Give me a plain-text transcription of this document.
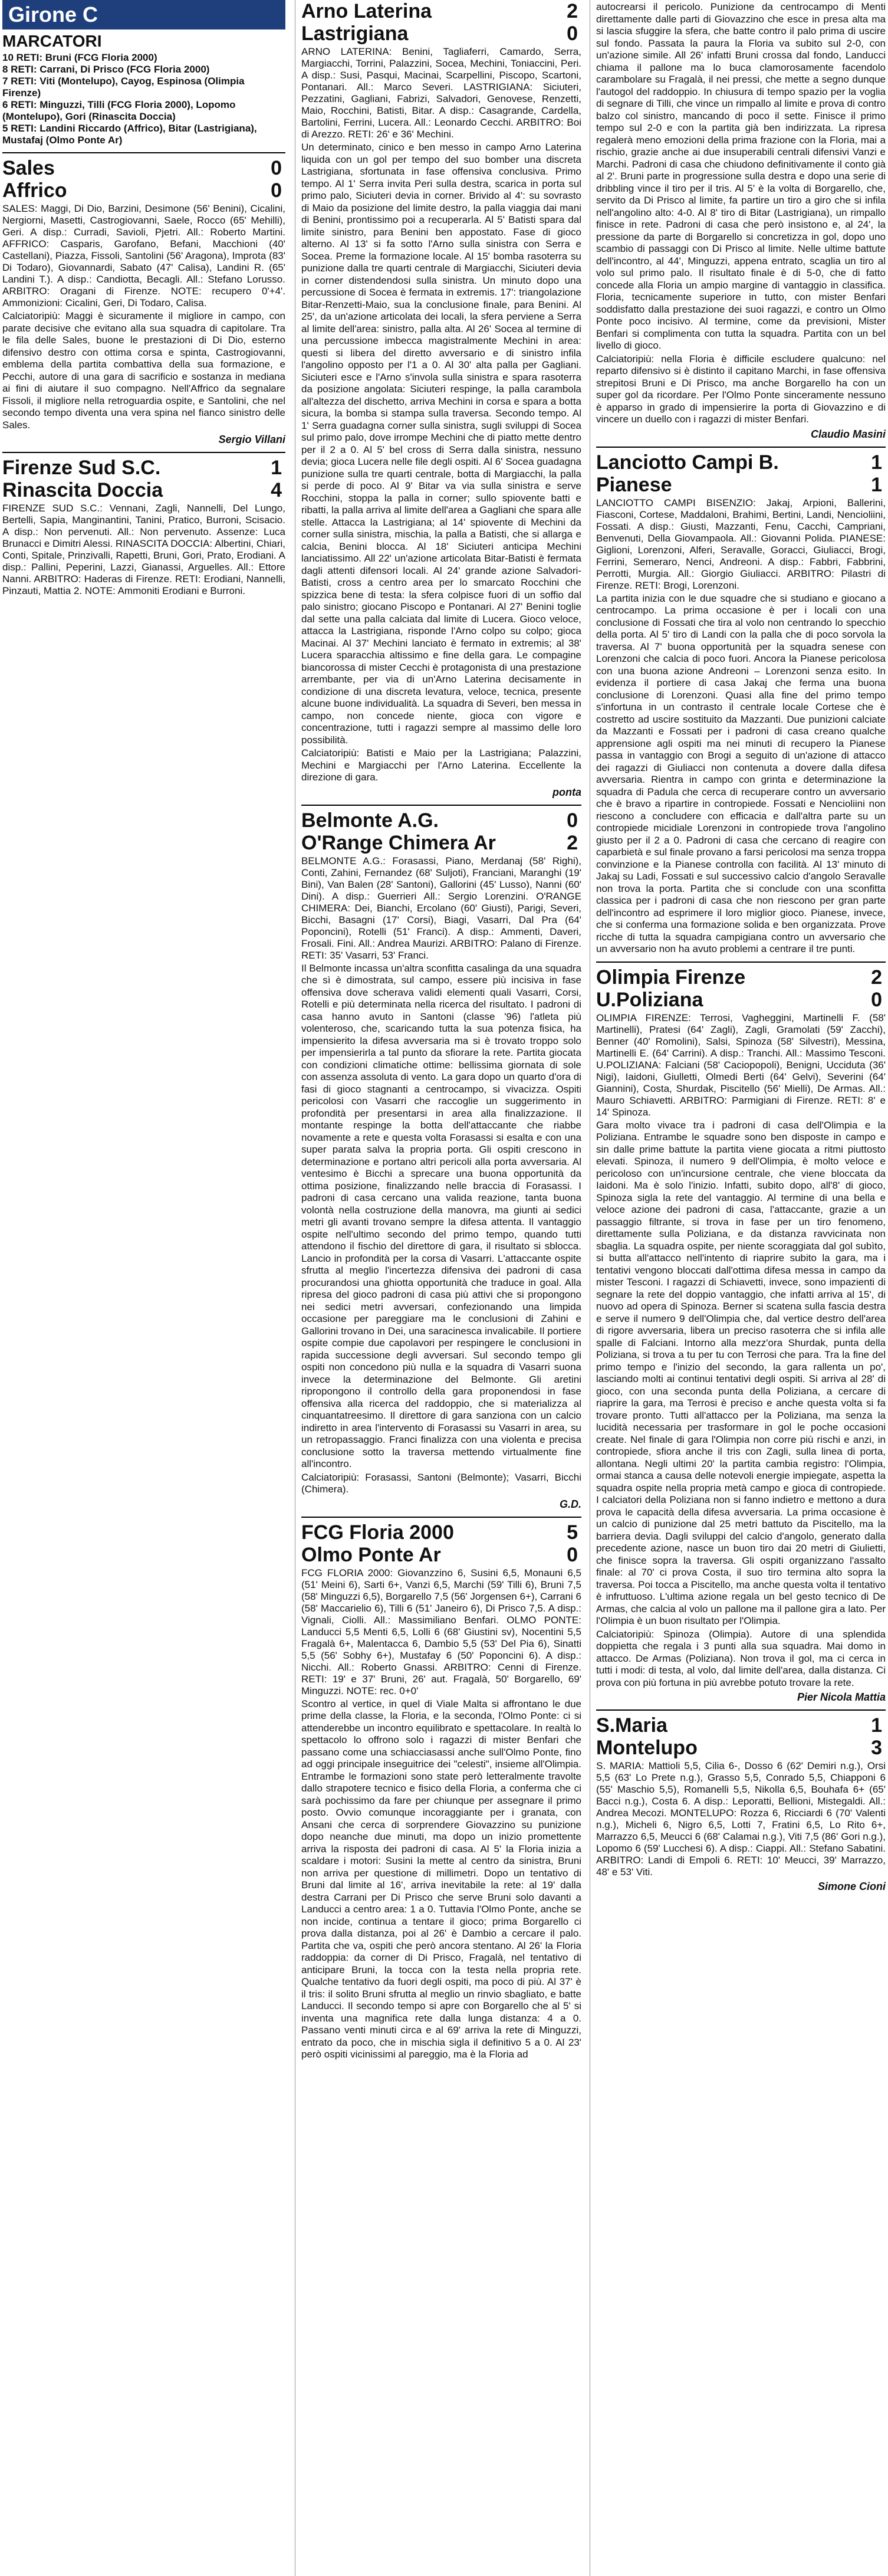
Girone C
MARCATORI
10 RETI: Bruni (FCG Floria 2000)
8 RETI: Carrani, Di Prisco (FCG Floria 2000)
7 RETI: Viti (Montelupo), Cayog, Espinosa (Olimpia Firenze)
6 RETI: Minguzzi, Tilli (FCG Floria 2000), Lopomo (Montelupo), Gori (Rinascita Doccia)
5 RETI: Landini Riccardo (Affrico), Bitar (Lastrigiana), Mustafaj (Olmo Ponte Ar)
Sales	0
Affrico	0
SALES: Maggi, Di Dio, Barzini, Desimone (56' Benini), Cicalini, Nergiorni, Masetti, Castrogiovanni, Saele, Rocco (65' Mehilli), Geri. A disp.: Curradi, Savioli, Pjetri. All.: Roberto Martini. AFFRICO: Casparis, Garofano, Befani, Macchioni (40' Castellani), Piazza, Fissoli, Santolini (56' Aragona), Improta (83' Di Todaro), Giovannardi, Sabato (47' Calisa), Landini R. (65' Landini T.). A disp.: Candiotta, Becagli. All.: Stefano Lorusso. ARBITRO: Oragani di Firenze. NOTE: recupero 0'+4'. Ammonizioni: Cicalini, Geri, Di Todaro, Calisa.
Calciatoripiù: Maggi è sicuramente il migliore in campo, con parate decisive che evitano alla sua squadra di capitolare. Tra le fila delle Sales, buone le prestazioni di Di Dio, esterno difensivo destro con ottima corsa e spinta, Castrogiovanni, emblema della partita combattiva della sua formazione, e Pecchi, autore di una gara di sacrificio e sostanza in mediana ai fini di aiutare il suo compagno. Nell'Affrico da segnalare Fissoli, il migliore nella retroguardia ospite, e Santolini, che nel secondo tempo diventa una vera spina nel fianco sinistro delle Sales.
Sergio Villani
Firenze Sud S.C.	1
Rinascita Doccia	4
FIRENZE SUD S.C.: Vennani, Zagli, Nannelli, Del Lungo, Bertelli, Sapia, Manginantini, Tanini, Pratico, Burroni, Scisacio. A disp.: Non pervenuti. All.: Non pervenuto. Assenze: Luca Brunacci e Dimitri Alessi. RINASCITA DOCCIA: Albertini, Chiari, Conti, Spitale, Prinzivalli, Rapetti, Bruni, Gori, Prato, Erodiani. A disp.: Pallini, Peperini, Lazzi, Gianassi, Arguelles. All.: Ettore Nanni. ARBITRO: Haderas di Firenze. RETI: Erodiani, Nannelli, Pinzauti, Mattia 2. NOTE: Ammoniti Erodiani e Burroni.
Arno Laterina	2
Lastrigiana	0
ARNO LATERINA: Benini, Tagliaferri, Camardo, Serra, Margiacchi, Torrini, Palazzini, Socea, Mechini, Toniaccini, Peri. A disp.: Susi, Pasqui, Macinai, Scarpellini, Piscopo, Scartoni, Pontanari. All.: Marco Severi. LASTRIGIANA: Siciuteri, Pezzatini, Gagliani, Fabrizi, Salvadori, Genovese, Renzetti, Maio, Rocchini, Batisti, Bitar. A disp.: Casagrande, Cardella, Bartolini, Ferrini, Lucera. All.: Leonardo Cecchi. ARBITRO: Boi di Arezzo. RETI: 26' e 36' Mechini.
Un determinato, cinico e ben messo in campo Arno Laterina liquida con un gol per tempo del suo bomber una discreta Lastrigiana, sfortunata in fase offensiva conclusiva. Primo tempo. Al 1' Serra invita Peri sulla destra, scarica in porta sul primo palo, Siciuteri devia in corner. Brivido al 4': su sovrasto di Maio da posizione del limite destro, la palla viaggia dai mani di Benini, prontissimo poi a recuperarla. Al 5' Batisti spara dal limite sinistro, para Benini ben appostato. Fase di gioco alterno. Al 13' si fa sotto l'Arno sulla sinistra con Serra e Socea. Preme la formazione locale. Al 15' bomba rasoterra su punizione dalla tre quarti centrale di Margiacchi, Siciuteri devia in corner distendendosi sulla sinistra. Un minuto dopo una percussione di Socea è fermata in extremis. 17': triangolazione Bitar-Renzetti-Maio, sua la conclusione finale, para Benini. Al 25', da un'azione articolata dei locali, la sfera perviene a Serra al limite dell'area: sinistro, palla alta. Al 26' Socea al termine di una percussione imbecca magistralmente Mechini in area: questi si libera del diretto avversario e di sinistro infila l'angolino opposto per l'1 a 0. Al 30' alta palla per Gagliani. Siciuteri esce e l'Arno s'invola sulla sinistra e spara rasoterra da posizione angolata: Siciuteri respinge, la palla carambola all'altezza del dischetto, arriva Mechini in corsa e spara a botta sicura, la bomba si stampa sulla traversa. Secondo tempo. Al 1' Serra guadagna corner sulla sinistra, sugli sviluppi di Socea sul primo palo, dove irrompe Mechini che di piatto mette dentro per il 2 a 0. Al 5' bel cross di Serra dalla sinistra, nessuno devia; gioca Lucera nelle file degli ospiti. Al 6' Socea guadagna punizione sulla tre quarti centrale, botta di Margiacchi, la palla si perde di poco. Al 9' Bitar va via sulla sinistra e serve Rocchini, stoppa la palla in corner; sullo spiovente batti e ribatti, la palla arriva al limite dell'area a Gagliani che spara alle stelle. Attacca la Lastrigiana; al 14' spiovente di Mechini da corner sulla sinistra, mischia, la palla a Batisti, che si allarga e calcia, Benini blocca. Al 18' Siciuteri anticipa Mechini lanciatissimo. All 22' un'azione articolata Bitar-Batisti è fermata dagli attenti difensori locali. Al 24' grande azione Salvadori-Batisti, cross a centro area per lo smarcato Rocchini che spizzica bene di testa: la sfera colpisce fuori di un soffio dal palo sinistro; giocano Piscopo e Pontanari. Al 27' Benini toglie dal sette una palla calciata dal limite di Lucera. Gioco veloce, attacca la Lastrigiana, risponde l'Arno colpo su colpo; gioca Macinai. Al 37' Mechini lanciato è fermato in extremis; al 38' Lucera sparacchia altissimo e fine della gara. Le compagine biancorossa di mister Cecchi è protagonista di una prestazione arrembante, per via di un'Arno Laterina decisamente in condizione di una discreta levatura, veloce, tecnica, presente alcune buone individualità. La squadra di Severi, ben messa in campo, non concede niente, gioca con vigore e concentrazione, tutti i ragazzi sempre al massimo delle loro possibilità.
Calciatoripiù: Batisti e Maio per la Lastrigiana; Palazzini, Mechini e Margiacchi per l'Arno Laterina. Eccellente la direzione di gara.
ponta
Belmonte A.G.	0
O'Range Chimera Ar	2
BELMONTE A.G.: Forasassi, Piano, Merdanaj (58' Righi), Conti, Zahini, Fernandez (68' Suljoti), Franciani, Maranghi (19' Bini), Van Balen (28' Santoni), Gallorini (45' Lusso), Nanni (60' Dini). A disp.: Guerrieri All.: Sergio Lorenzini. O'RANGE CHIMERA: Dei, Bianchi, Ercolano (60' Giusti), Parigi, Severi, Bicchi, Basagni (17' Corsi), Biagi, Vasarri, Dal Pra (64' Poponcini), Rotelli (51' Franci). A disp.: Ammenti, Daveri, Frosali. Fini. All.: Andrea Maurizi. ARBITRO: Palano di Firenze. RETI: 35' Vasarri, 53' Franci.
Il Belmonte incassa un'altra sconfitta casalinga da una squadra che sì è dimostrata, sul campo, essere più incisiva in fase offensiva dove scherava validi elementi quali Vasarri, Corsi, Rotelli e più determinata nella ricerca del risultato. I padroni di casa hanno avuto in Santoni (classe '96) l'atleta più volenteroso, che, scaricando tutta la sua potenza fisica, ha impensierito la difesa avversaria ma si è trovato troppo solo per impensierirla a tal punto da sfiorare la rete. Partita giocata con condizioni climatiche ottime: bellissima giornata di sole con assenza assoluta di vento. La gara dopo un quarto d'ora di fasi di gioco stagnanti a centrocampo, si vivacizza. Ospiti pericolosi con Vasarri che raccoglie un suggerimento in profondità per presentarsi in area alla finalizzazione. Il montante respinge la botta dell'attaccante che riabbe novamente a rete e questa volta Forasassi si esalta e con una super parata salva la propria porta. Gli ospiti crescono in determinazione e portano altri pericoli alla porta avversaria. Al ventesimo è Bicchi a sprecare una buona opportunità da ottima posizione, finalizzando nelle braccia di Forasassi. I padroni di casa cercano una valida reazione, tanta buona volontà nella costruzione della manovra, ma giunti ai sedici metri gli avanti trovano sempre la difesa attenta. Il vantaggio ospite nell'ultimo secondo del primo tempo, quando tutti attendono il fischio del direttore di gara, il risultato si sblocca. Lancio in profondità per la corsa di Vasarri. L'attaccante ospite sfrutta al meglio l'incertezza difensiva dei padroni di casa procurandosi una ghiotta opportunità che traduce in goal. Alla ripresa del gioco padroni di casa più attivi che si propongono nei sedici metri avversari, confezionando una limpida occasione per pareggiare ma le conclusioni di Zahini e Gallorini trovano in Dei, una saracinesca invalicabile. Il portiere ospite compie due capolavori per respingere le conclusioni in rapida successione degli avversari. Sul secondo tempo gli ospiti non concedono più nulla e la squadra di Vasarri suona invece la determinazione del Belmonte. Gli aretini ripropongono il controllo della gara proponendosi in fase offensiva alla ricerca del raddoppio, che si materializza al cinquantatreesimo. Il direttore di gara sanziona con un calcio indiretto in area l'intervento di Forasassi su Vasarri in area, su un retropassaggio. Franci finalizza con una violenta e precisa conclusione sotto la traversa mettendo virtualmente fine all'incontro.
Calciatoripiù: Forasassi, Santoni (Belmonte); Vasarri, Bicchi (Chimera).
G.D.
FCG Floria 2000	5
Olmo Ponte Ar	0
FCG FLORIA 2000: Giovanzzino 6, Susini 6,5, Monauni 6,5 (51' Meini 6), Sarti 6+, Vanzi 6,5, Marchi (59' Tilli 6), Bruni 7,5 (58' Minguzzi 6,5), Borgarello 7,5 (56' Jorgensen 6+), Carrani 6 (58' Maccarielio 6), Tilli 6 (51' Janeiro 6), Di Prisco 7,5. A disp.: Vignali, Ciolli. All.: Massimiliano Benfari. OLMO PONTE: Landucci 5,5 Menti 6,5, Lolli 6 (68' Giustini sv), Nocentini 5,5 Fragalà 6+, Malentacca 6, Dambio 5,5 (53' Del Pia 6), Sinatti 5,5 (56' Sobhy 6+), Mustafay 6 (50' Poponcini 6). A disp.: Nicchi. All.: Roberto Gnassi. ARBITRO: Cenni di Firenze. RETI: 19' e 37' Bruni, 26' aut. Fragalà, 50' Borgarello, 69' Minguzzi. NOTE: rec. 0+0'
Scontro al vertice, in quel di Viale Malta si affrontano le due prime della classe, la Floria, e la seconda, l'Olmo Ponte: ci si attenderebbe un incontro equilibrato e spettacolare. In realtà lo spettacolo lo offrono solo i ragazzi di mister Benfari che passano come una schiacciasassi anche sull'Olmo Ponte, fino ad oggi principale inseguitrice dei "celesti", insieme all'Olimpia. Entrambe le formazioni sono state però letteralmente travolte dallo strapotere tecnico e fisico della Floria, a conferma che ci sarà pochissimo da fare per chiunque per assegnare il primo posto. Ovvio comunque incoraggiante per i granata, con Ansani che cerca di sorprendere Giovazzino su punizione dopo neanche due minuti, ma dopo un inizio promettente arriva la risposta dei padroni di casa. Al 5' la Floria inizia a scaldare i motori: Susini la mette al centro da sinistra, Bruni non arriva per questione di millimetri. Dopo un tentativo di Bruni dal limite al 16', arriva inevitabile la rete: al 19' dalla destra Carrani per Di Prisco che serve Bruni solo davanti a Landucci a centro area: 1 a 0. Tuttavia l'Olmo Ponte, anche se non incide, continua a tentare il gioco; prima Borgarello ci prova dalla distanza, poi al 26' è Dambio a cercare il palo. Partita che va, ospiti che però ancora stentano. Al 26' la Floria raddoppia: da corner di Di Prisco, Fragalà, nel tentativo di anticipare Bruni, la tocca con la testa nella propria rete. Qualche tentativo da fuori degli ospiti, ma poco di più. Al 37' è il tris: il solito Bruni sfrutta al meglio un rinvio sbagliato, e batte Landucci. Il secondo tempo si apre con Borgarello che al 5' si inventa una magnifica rete dalla lunga distanza: 4 a 0. Passano venti minuti circa e al 69' arriva la rete di Minguzzi, entrato da poco, che in mischia sigla il definitivo 5 a 0. Al 23' però ospiti vicinissimi al pareggio, ma è la Floria ad
autocrearsi il pericolo. Punizione da centrocampo di Menti direttamente dalle parti di Giovazzino che esce in presa alta ma si lascia sfuggire la sfera, che batte contro il palo prima di uscire sul fondo. Passata la paura la Floria va subito sul 2-0, con un'azione simile. All 26' infatti Bruni crossa dal fondo, Landucci chiama il pallone ma lo buca clamorosamente facendolo carambolare su Fragalà, il nei pressi, che mette a segno dunque l'autogol del raddoppio. In chiusura di tempo spazio per la voglia di segnare di Tilli, che vince un rimpallo al limite e prova di contro balzo col sinistro, mancando di poco il sette. Finisce il primo tempo sul 2-0 e con la partita già ben indirizzata. La ripresa regalerà meno emozioni della prima frazione con la Floria, mai a rischio, grazie anche ai due insuperabili centrali difensivi Vanzi e Marchi. Padroni di casa che chiudono definitivamente il conto già al 2'. Bruni parte in progressione sulla destra e dopo una serie di dribbling vince il tiro per il tris. Al 5' è la volta di Borgarello, che, servito da Di Prisco al limite, fa partire un tiro a giro che si infila nell'angolino alto: 4-0. Al 8' tiro di Bitar (Lastrigiana), un rimpallo finisce in rete. Padroni di casa che però insistono e, al 24', la pressione da parte di Borgarello si concretizza in gol, dopo uno scambio di passaggi con Di Prisco al limite. Nelle ultime battute dell'incontro, al 44', Minguzzi, appena entrato, scaglia un tiro al volo sul primo palo. Il risultato finale è di 5-0, che di fatto concede alla Floria un ampio margine di vantaggio in classifica. Floria, tecnicamente superiore in tutto, con mister Benfari soddisfatto dalla prestazione dei suoi ragazzi, e contro un Olmo Ponte poco incisivo. Al termine, come da previsioni, Mister Benfari si complimenta con tutta la squadra. Partita con un bel livello di gioco.
Calciatoripiù: nella Floria è difficile escludere qualcuno: nel reparto difensivo si è distinto il capitano Marchi, in fase offensiva strepitosi Bruni e Di Prisco, ma anche Borgarello ha con un super gol da ricordare. Per l'Olmo Ponte sinceramente nessuno è apparso in grado di impensierire la porta di Giovazzino e di vincere un duello con i ragazzi di mister Benfari.
Claudio Masini
Lanciotto Campi B.	1
Pianese	1
LANCIOTTO CAMPI BISENZIO: Jakaj, Arpioni, Ballerini, Fiasconi, Cortese, Maddaloni, Brahimi, Bertini, Landi, Nencioliini, Fossati. A disp.: Giusti, Mazzanti, Fenu, Cacchi, Campriani, Benvenuti, Della Giovampaola. All.: Giovanni Polida. PIANESE: Giglioni, Lorenzoni, Alferi, Seravalle, Goracci, Giuliacci, Brogi, Ferrini, Semeraro, Nenci, Andreoni. A disp.: Fabbri, Fabbrini, Perrotti, Murgia. All.: Giorgio Giuliacci. ARBITRO: Pilastri di Firenze. RETI: Brogi, Lorenzoni.
La partita inizia con le due squadre che si studiano e giocano a centrocampo. La prima occasione è per i locali con una conclusione di Fossati che tira al volo non centrando lo specchio della porta. Al 5' tiro di Landi con la palla che di poco sorvola la traversa. Al 7' buona opportunità per la squadra senese con Lorenzoni che calcia di poco fuori. Ancora la Pianese pericolosa con una buona azione Andreoni – Lorenzoni senza esito. In evidenza il portiere di casa Jakaj che ferma una buona conclusione di Lorenzoni. Quasi alla fine del primo tempo s'infortuna in un contrasto il centrale locale Cortese che è costretto ad uscire sostituito da Mazzanti. Due punizioni calciate da Mazzanti e Fossati per i padroni di casa creano qualche apprensione agli ospiti ma nei minuti di recupero la Pianese passa in vantaggio con Brogi a seguito di un'azione di attacco dei ragazzi di Giuliacci non contenuta a dovere dalla difesa avversaria. Rientra in campo con grinta e determinazione la squadra di Padula che cerca di recuperare contro un avversario che è bravo a ripartire in contropiede. Fossati e Nencioliini non riescono a concludere con efficacia e dall'altra parte su un contropiede micidiale Lorenzoni in contropiede trova l'angolino giusto per il 2 a 0. Padroni di casa che cercano di reagire con caparbietà e sul finale provano a farsi pericolosi ma senza troppa convinzione e la Pianese controlla con facilità. Al 13' minuto di Jakaj su Ladi, Fossati e sul successivo calcio d'angolo Seravalle non trova la porta. Partita che si conclude con una sconfitta classica per i padroni di casa che non riescono per gran parte dell'incontro ad esprimere il loro miglior gioco. Pianese, invece, che si conferma una formazione solida e ben organizzata. Prove ricche di tutta la squadra campigiana contro un avversario che un avversario non ha avuto problemi a centrare il tre punti.
Olimpia Firenze	2
U.Poliziana	0
OLIMPIA FIRENZE: Terrosi, Vagheggini, Martinelli F. (58' Martinelli), Pratesi (64' Zagli), Zagli, Gramolati (59' Zacchi), Benner (40' Romolini), Salsi, Spinoza (58' Silvestri), Messina, Martinelli E. (64' Carrini). A disp.: Tranchi. All.: Massimo Tesconi. U.POLIZIANA: Falciani (58' Caciopopoli), Benigni, Ucciduta (36' Nigi), Iaidoni, Giulletti, Olmedi Berti (64' Gelvi), Severini (64' Giannini), Costa, Shurdak, Piscitello (56' Mielli), De Armas. All.: Mauro Schiavetti. ARBITRO: Parmigiani di Firenze. RETI: 8' e 14' Spinoza.
Gara molto vivace tra i padroni di casa dell'Olimpia e la Poliziana. Entrambe le squadre sono ben disposte in campo e sin dalle prime battute la partita viene giocata a ritmi piuttosto elevati. Spinoza, il numero 9 dell'Olimpia, è molto veloce e pericoloso con un'incursione centrale, che viene bloccata da Iaidoni. Ma è solo l'inizio. Infatti, subito dopo, all'8' di gioco, Spinoza sigla la rete del vantaggio. Al termine di una bella e veloce azione dei padroni di casa, l'attaccante, grazie a un passaggio filtrante, si trova in fase per un tiro fenomeno, direttamente sulla Poliziana, e da distanza ravvicinata non sbaglia. La squadra ospite, per niente scoraggiata dal gol subìto, si butta all'attacco nell'intento di riaprire subito la gara, ma i tentativi vengono bloccati dall'ottima difesa messa in campo da mister Tesconi. I ragazzi di Schiavetti, invece, sono impazienti di segnare la rete del doppio vantaggio, che infatti arriva al 15', di nuovo ad opera di Spinoza. Berner si scatena sulla fascia destra e serve il numero 9 dell'Olimpia che, dal vertice destro dell'area di rigore avversaria, libera un preciso rasoterra che si infila alle spalle di Falciani. Intorno alla mezz'ora Shurdak, punta della Poliziana, si trova a tu per tu con Terrosi che para. Tra la fine del primo tempo e l'inizio del secondo, la gara rallenta un po', lasciando molti ai continui tentativi degli ospiti. Si arriva al 28' di gioco, con una seconda punta della Poliziana, a cercare di riaprire la gara, ma Terrosi è preciso e anche questa volta si fa trovare pronto. Tutti all'attacco per la Poliziana, ma senza la lucidità necessaria per trasformare in gol le poche occasioni create. Nel finale di gara l'Olimpia non corre più rischi e anzi, in contropiede, sfiora anche il tris con Zagli, sulla linea di porta, allontana. Negli ultimi 20' la partita cambia registro: l'Olimpia, ormai stanca a causa delle notevoli energie impiegate, aspetta la squadra ospite nella propria metà campo e gioca di contropiede. I calciatori della Poliziana non si fanno indietro e mettono a dura prova le capacità della difesa avversaria. La prima occasione è un calcio di punizione dal 25 metri battuto da Piscitello, ma la barriera devia. Dagli sviluppi del calcio d'angolo, generato dalla precedente azione, nasce un buon tiro dai 20 metri di Giulietti, che finisce sopra la traversa. Gli ospiti organizzano l'assalto finale: al 70' ci prova Costa, il suo tiro termina alto sopra la traversa. Poi tocca a Piscitello, ma anche questa volta il tentativo è infruttuoso. L'ultima azione regala un bel gesto tecnico di De Armas, che calcia al volo un pallone ma il pallone gira a lato. Per l'Olimpia è un buon risultato per l'Olimpia.
Calciatoripiù: Spinoza (Olimpia). Autore di una splendida doppietta che regala i 3 punti alla sua squadra. Mai domo in attacco. De Armas (Poliziana). Non trova il gol, ma ci cerca in tutti i modi: di testa, al volo, dal limite dell'area, dalla distanza. Ci prova con più fortuna in più avrebbe potuto trovare la rete.
Pier Nicola Mattia
S.Maria	1
Montelupo	3
S. MARIA: Mattioli 5,5, Cilia 6-, Dosso 6 (62' Demiri n.g.), Orsi 5,5 (63' Lo Prete n.g.), Grasso 5,5, Conrado 5,5, Chiapponi 6 (55' Maschio 5,5), Romanelli 5,5, Nikolla 6,5, Bouhafa 6+ (65' Bacci n.g.), Costa 6. A disp.: Leporatti, Bellioni, Mistegaldi. All.: Andrea Mecozi. MONTELUPO: Rozza 6, Ricciardi 6 (70' Valenti n.g.), Micheli 6, Nigro 6,5, Lotti 7, Fratini 6,5, Lo Rito 6+, Marrazzo 6,5, Meucci 6 (68' Calamai n.g.), Viti 7,5 (86' Gori n.g.), Lopomo 6 (59' Lucchesi 6). A disp.: Ciappi. All.: Stefano Sabatini. ARBITRO: Landi di Empoli 6. RETI: 10' Meucci, 39' Marrazzo, 48' e 53' Viti.
Simone Cioni
